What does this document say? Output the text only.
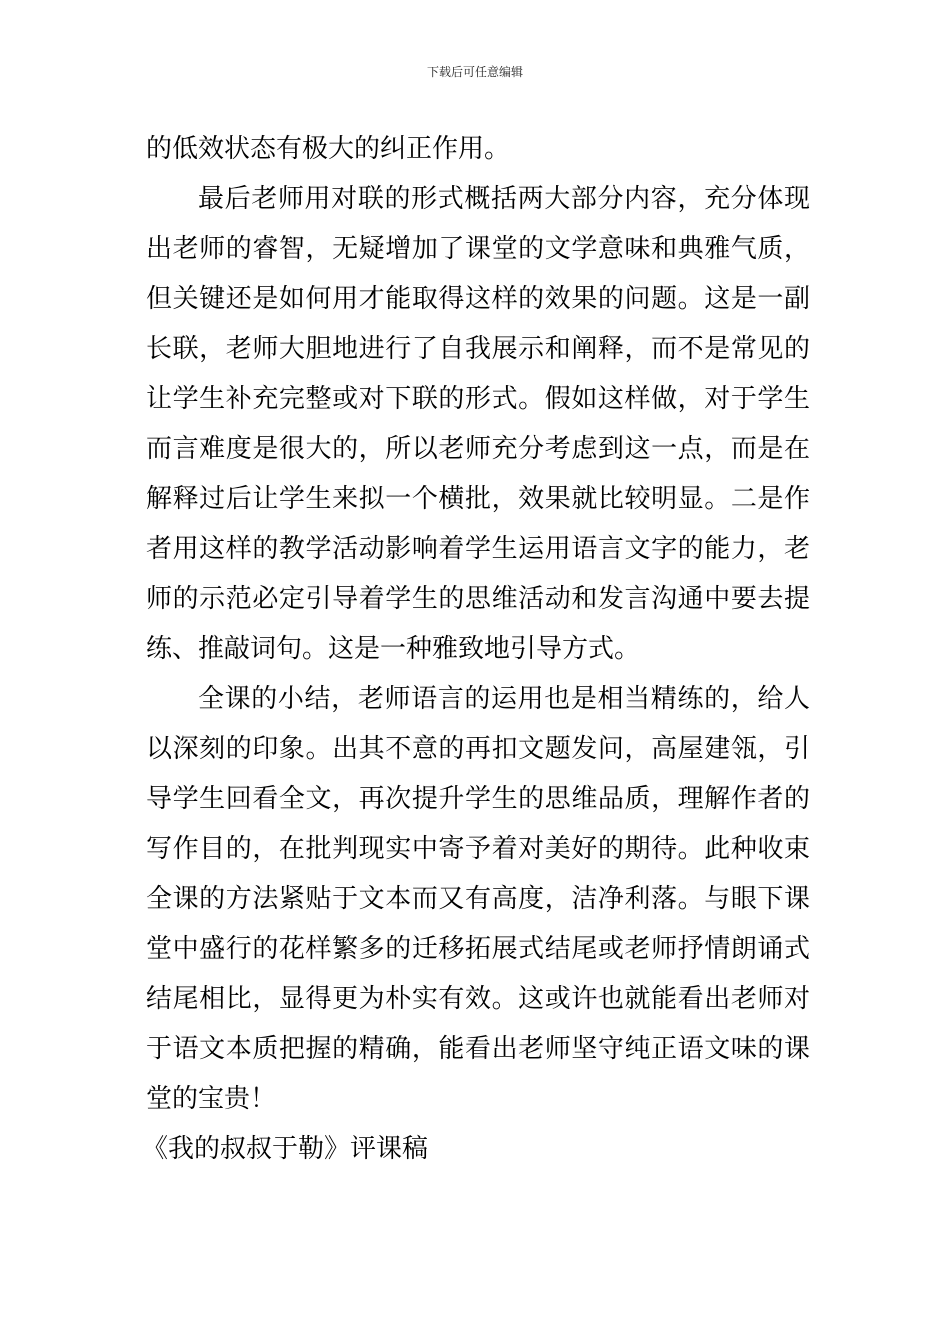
下载后可任意编辑

的低效状态有极大的纠正作用。

最后老师用对联的形式概括两大部分内容，充分体现出老师的睿智，无疑增加了课堂的文学意味和典雅气质，但关键还是如何用才能取得这样的效果的问题。这是一副长联，老师大胆地进行了自我展示和阐释，而不是常见的让学生补充完整或对下联的形式。假如这样做，对于学生而言难度是很大的，所以老师充分考虑到这一点，而是在解释过后让学生来拟一个横批，效果就比较明显。二是作者用这样的教学活动影响着学生运用语言文字的能力，老师的示范必定引导着学生的思维活动和发言沟通中要去提练、推敲词句。这是一种雅致地引导方式。

全课的小结，老师语言的运用也是相当精练的，给人以深刻的印象。出其不意的再扣文题发问，高屋建瓴，引导学生回看全文，再次提升学生的思维品质，理解作者的写作目的，在批判现实中寄予着对美好的期待。此种收束全课的方法紧贴于文本而又有高度，洁净利落。与眼下课堂中盛行的花样繁多的迁移拓展式结尾或老师抒情朗诵式结尾相比，显得更为朴实有效。这或许也就能看出老师对于语文本质把握的精确，能看出老师坚守纯正语文味的课堂的宝贵！

《我的叔叔于勒》评课稿
